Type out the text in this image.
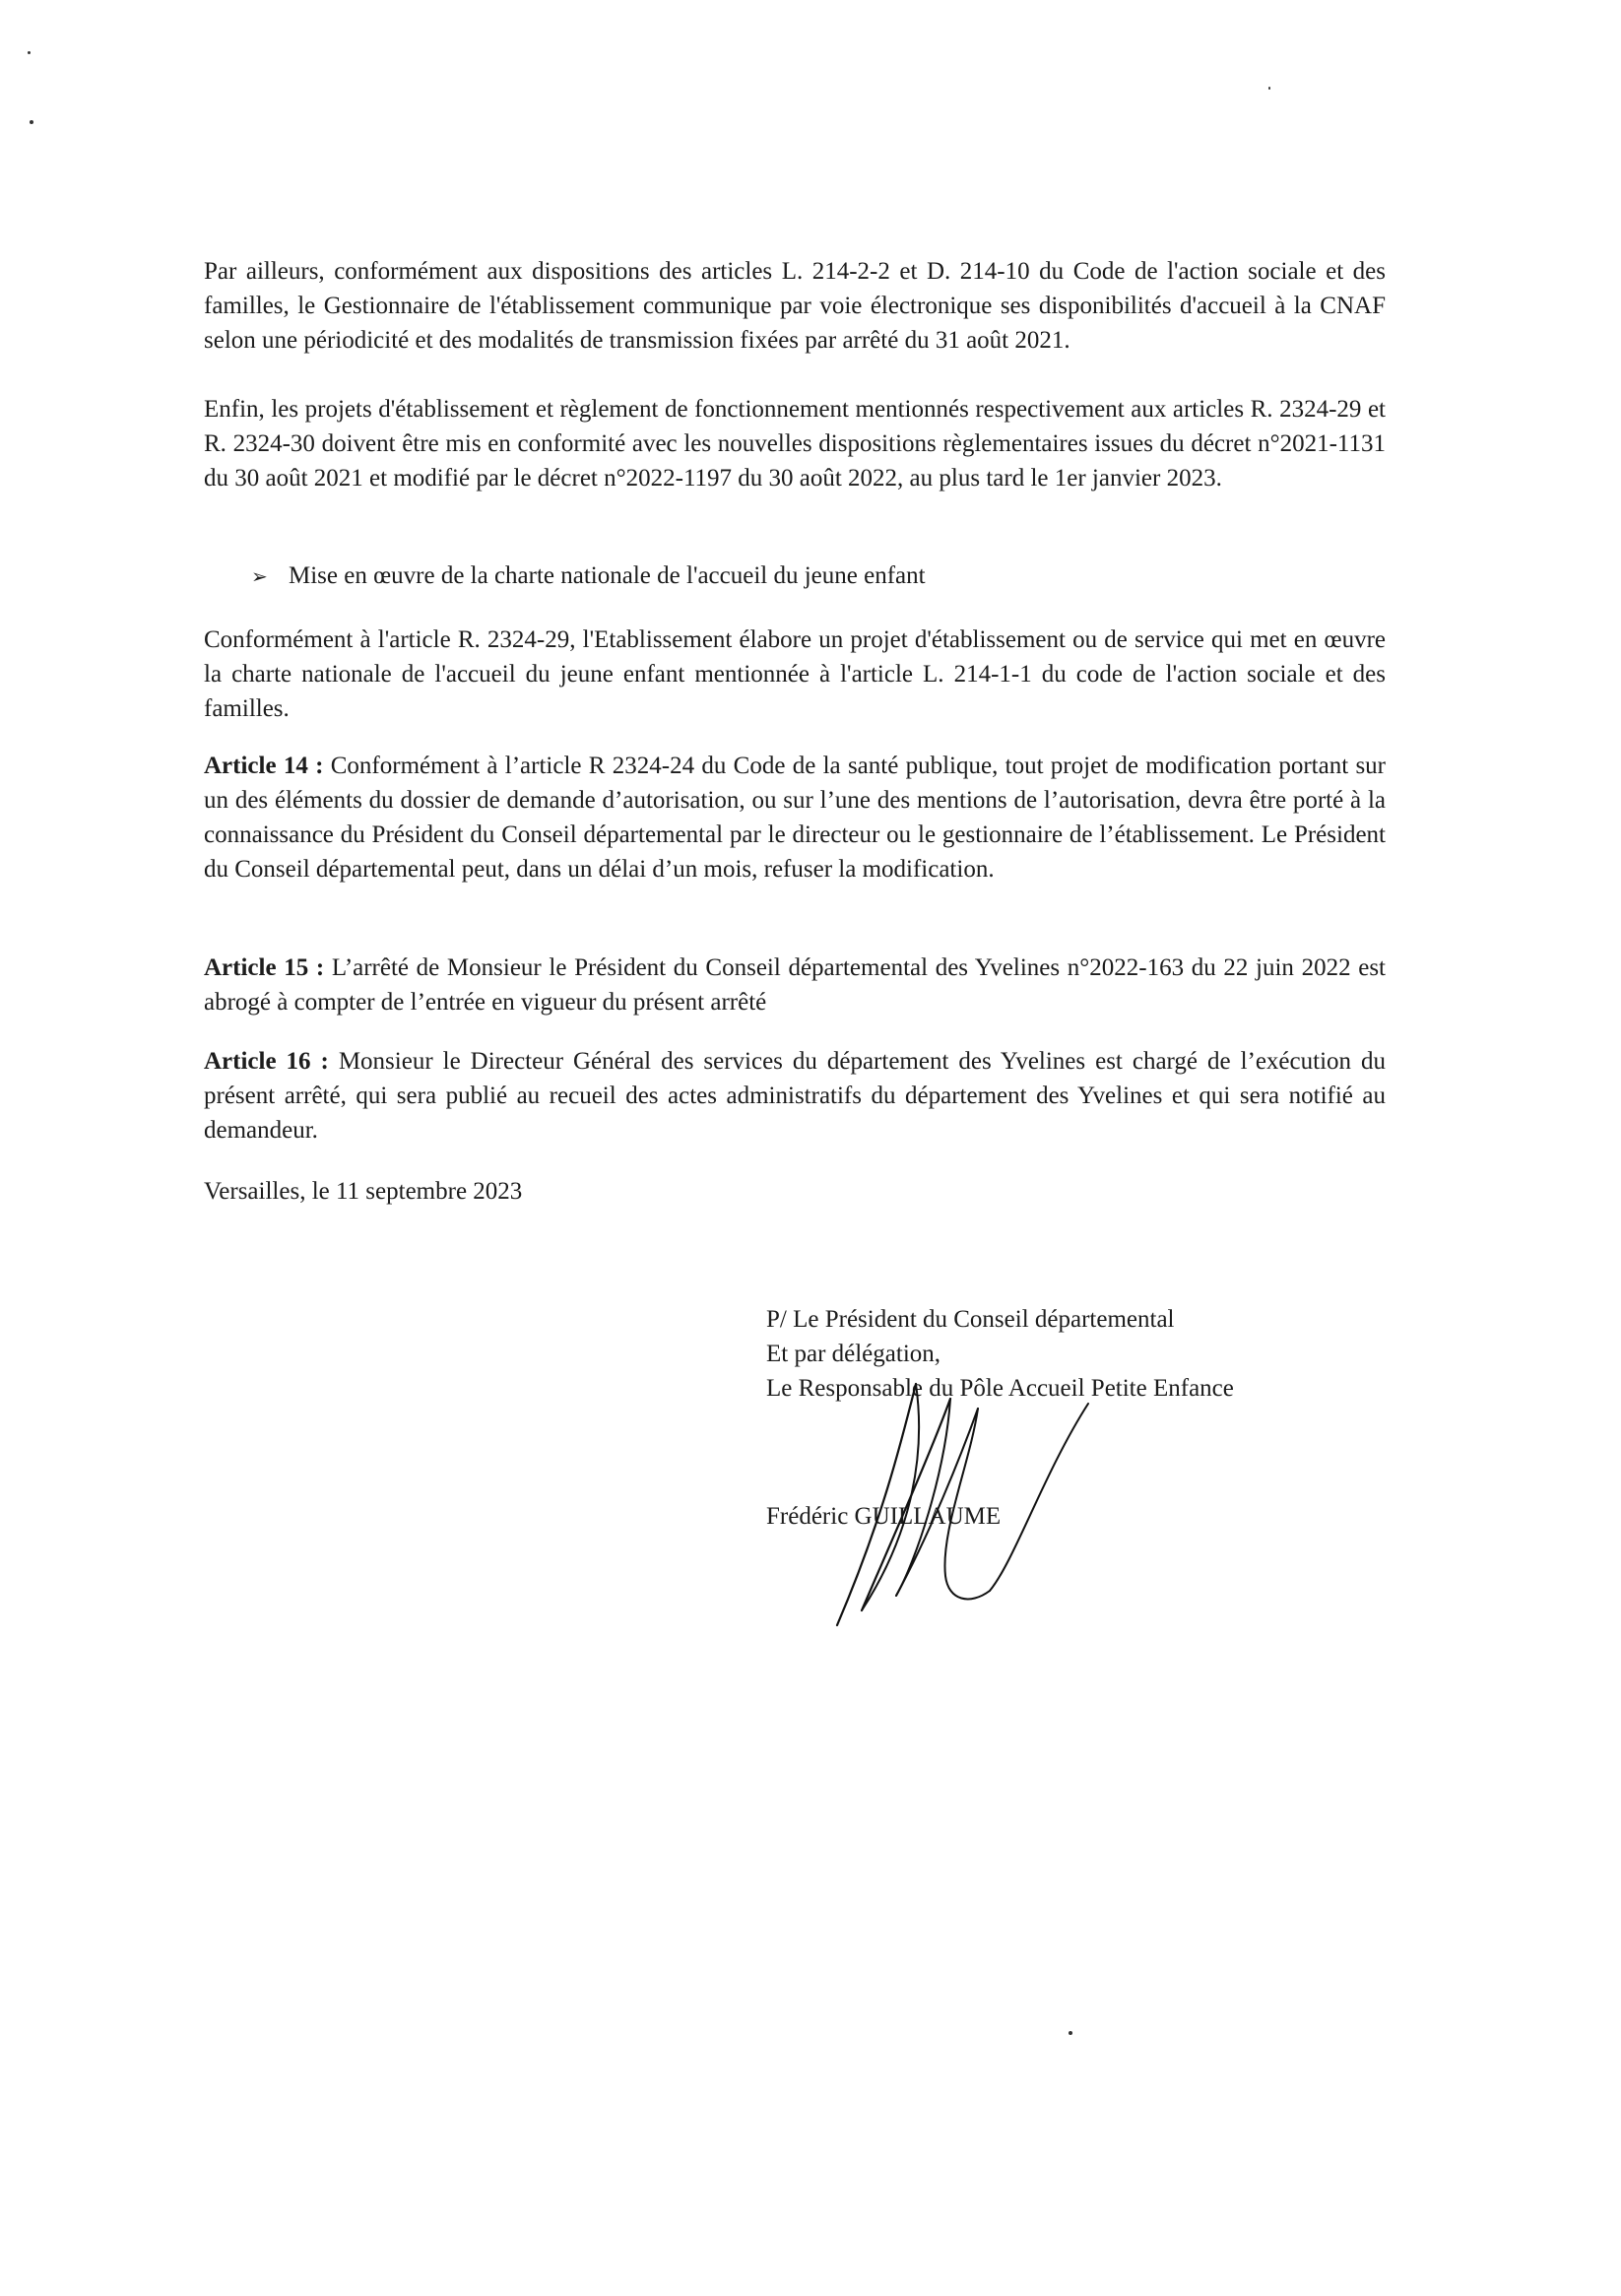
Par ailleurs, conformément aux dispositions des articles L. 214-2-2 et D. 214-10 du Code de l'action sociale et des familles, le Gestionnaire de l'établissement communique par voie électronique ses disponibilités d'accueil à la CNAF selon une périodicité et des modalités de transmission fixées par arrêté du 31 août 2021.

Enfin, les projets d'établissement et règlement de fonctionnement mentionnés respectivement aux articles R. 2324-29 et R. 2324-30 doivent être mis en conformité avec les nouvelles dispositions règlementaires issues du décret n°2021-1131 du 30 août 2021 et modifié par le décret n°2022-1197 du 30 août 2022, au plus tard le 1er janvier 2023.

➢ Mise en œuvre de la charte nationale de l'accueil du jeune enfant

Conformément à l'article R. 2324-29, l'Etablissement élabore un projet d'établissement ou de service qui met en œuvre la charte nationale de l'accueil du jeune enfant mentionnée à l'article L. 214-1-1 du code de l'action sociale et des familles.

Article 14 : Conformément à l’article R 2324-24 du Code de la santé publique, tout projet de modification portant sur un des éléments du dossier de demande d’autorisation, ou sur l’une des mentions de l’autorisation, devra être porté à la connaissance du Président du Conseil départemental par le directeur ou le gestionnaire de l’établissement. Le Président du Conseil départemental peut, dans un délai d’un mois, refuser la modification.

Article 15 : L’arrêté de Monsieur le Président du Conseil départemental des Yvelines n°2022-163 du 22 juin 2022 est abrogé à compter de l’entrée en vigueur du présent arrêté

Article 16 : Monsieur le Directeur Général des services du département des Yvelines est chargé de l’exécution du présent arrêté, qui sera publié au recueil des actes administratifs du département des Yvelines et qui sera notifié au demandeur.

Versailles, le 11 septembre 2023
P/ Le Président du Conseil départemental
Et par délégation,
Le Responsable du Pôle Accueil Petite Enfance
Frédéric GUILLAUME
